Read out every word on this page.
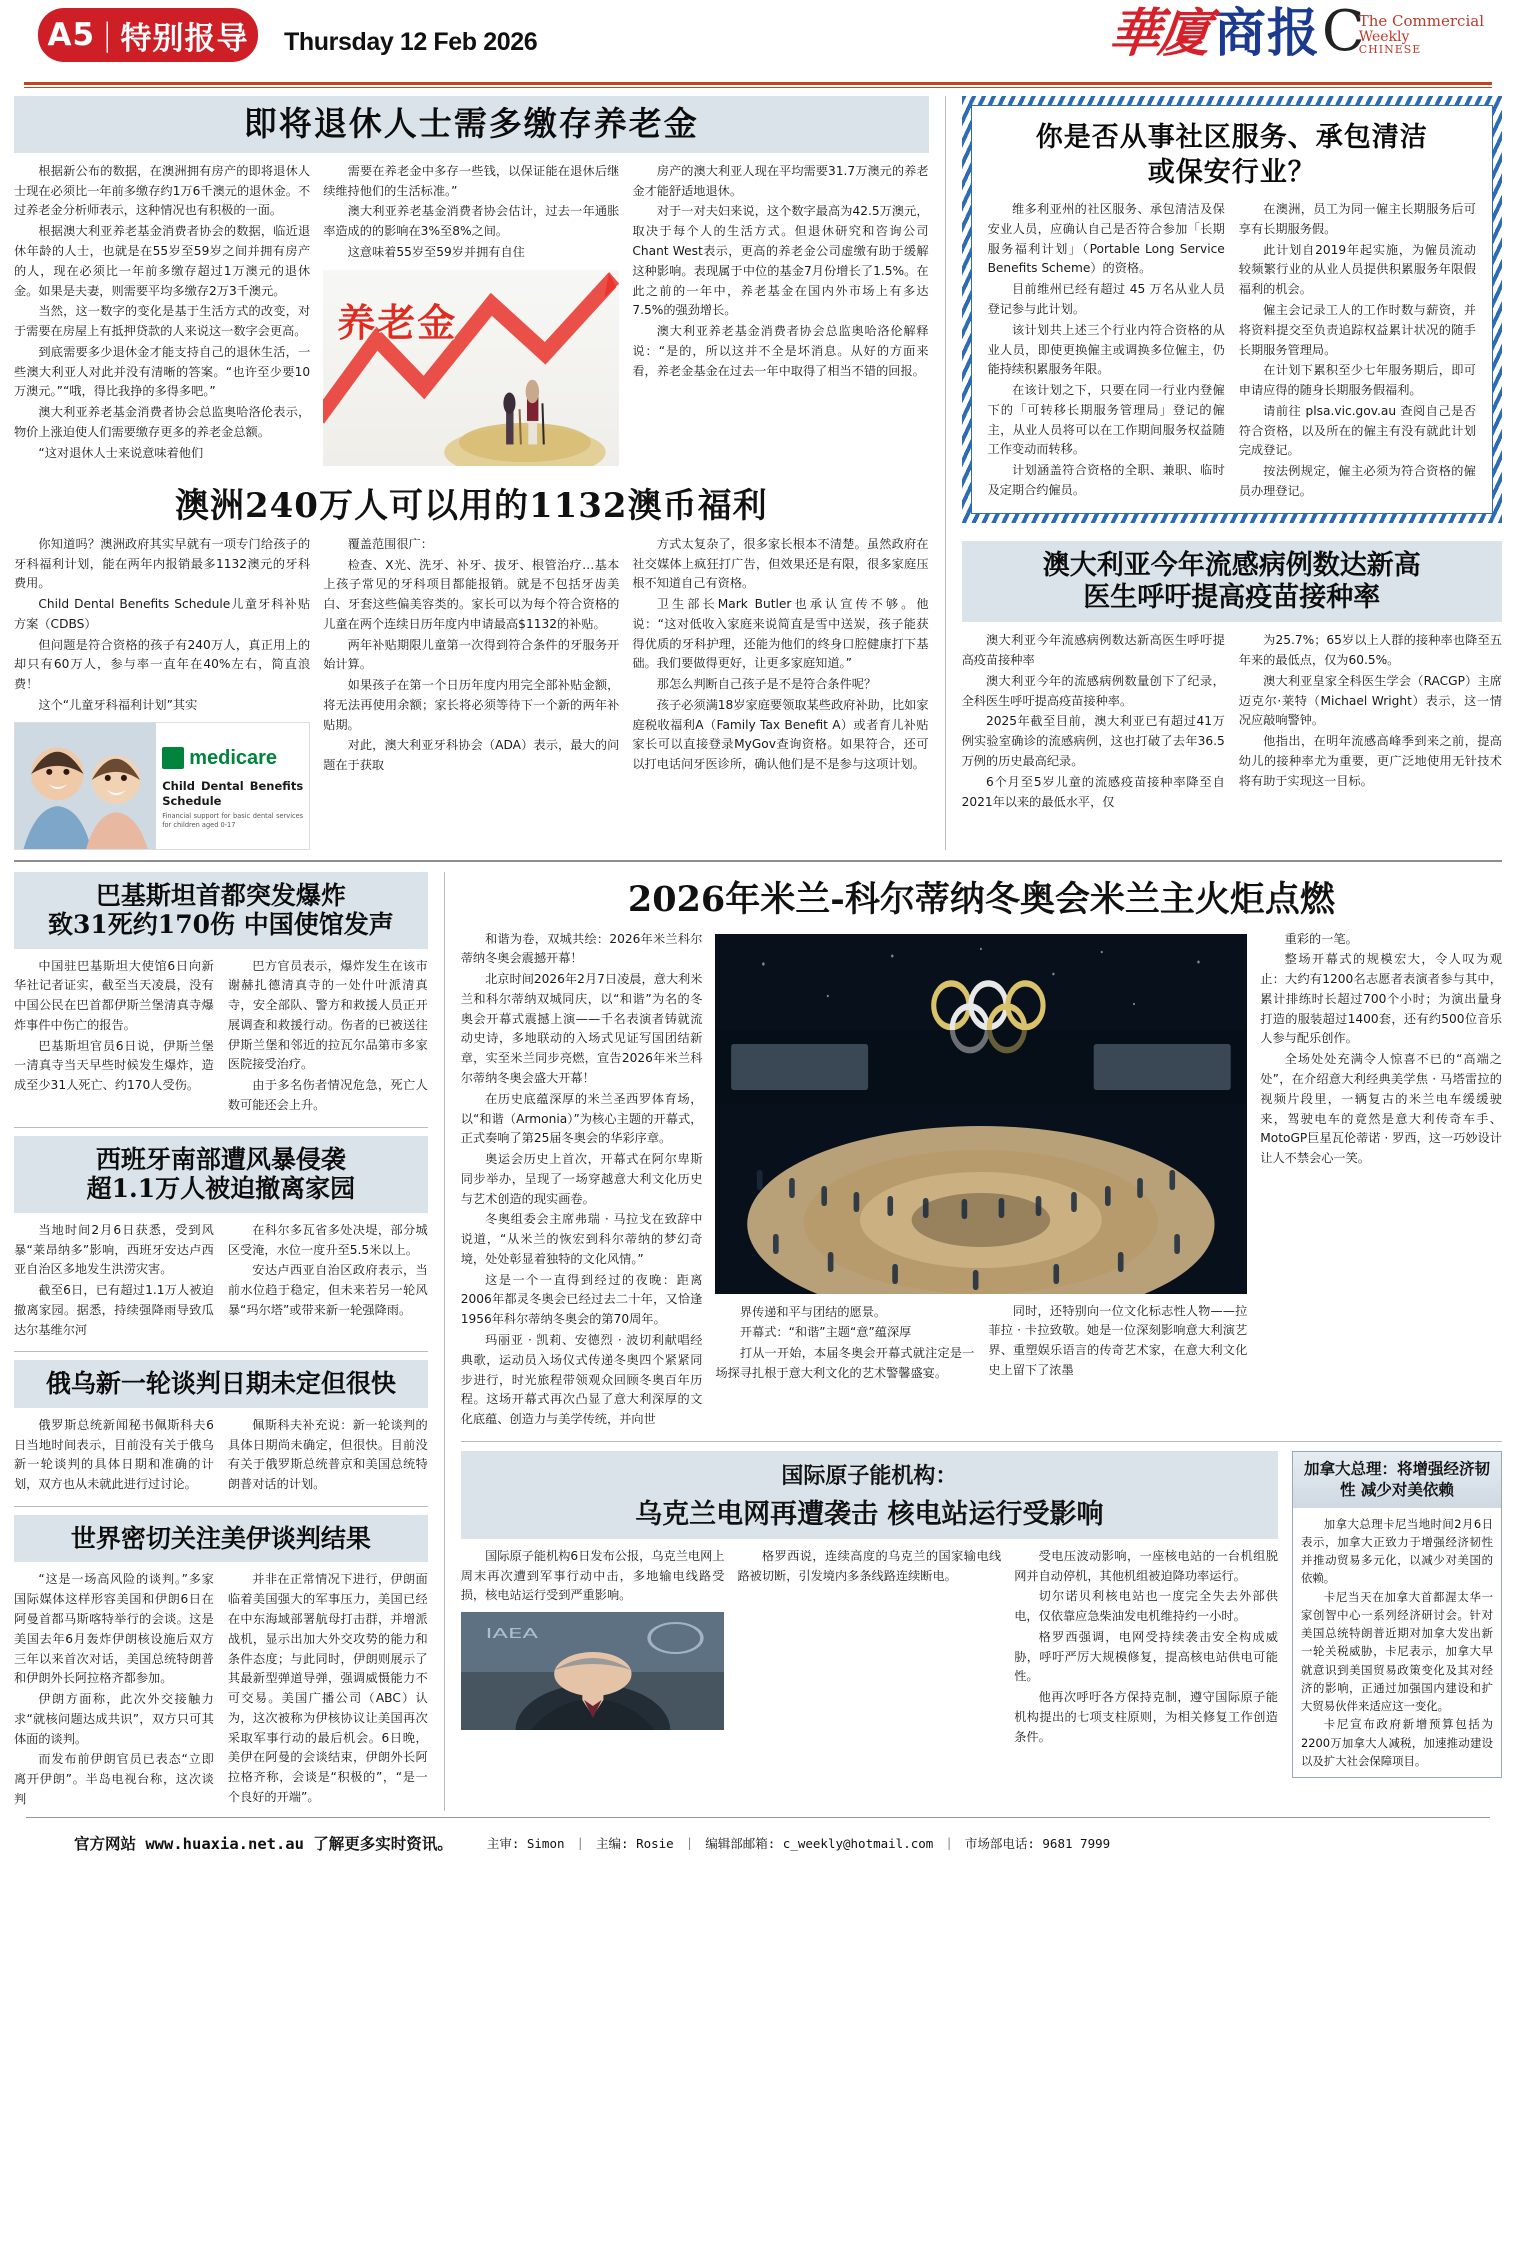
A5 | 特别报导 Thursday 12 Feb 2026	華廈 商报 C
The Commercial
Weekly
CHINESE
即将退休人士需多缴存养老金

根据新公布的数据，在澳洲拥有房产的即将退休人士现在必须比一年前多缴存约1万6千澳元的退休金。不过养老金分析师表示，这种情况也有积极的一面。

根据澳大利亚养老基金消费者协会的数据，临近退休年龄的人士，也就是在55岁至59岁之间并拥有房产的人，现在必须比一年前多缴存超过1万澳元的退休金。如果是夫妻，则需要平均多缴存2万3千澳元。

当然，这一数字的变化是基于生活方式的改变，对于需要在房屋上有抵押贷款的人来说这一数字会更高。

到底需要多少退休金才能支持自己的退休生活，一些澳大利亚人对此并没有清晰的答案。“也许至少要10万澳元。”“哦，得比我挣的多得多吧。”

澳大利亚养老基金消费者协会总监奥哈洛伦表示，物价上涨迫使人们需要缴存更多的养老金总额。

“这对退休人士来说意味着他们

需要在养老金中多存一些钱，以保证能在退休后继续维持他们的生活标准。”

澳大利亚养老基金消费者协会估计，过去一年通胀率造成的的影响在3%至8%之间。

这意味着55岁至59岁并拥有自住

养老金

房产的澳大利亚人现在平均需要31.7万澳元的养老金才能舒适地退休。

对于一对夫妇来说，这个数字最高为42.5万澳元，取决于每个人的生活方式。但退休研究和咨询公司Chant West表示，更高的养老金公司虚缴有助于缓解这种影响。表现属于中位的基金7月份增长了1.5%。在此之前的一年中，养老基金在国内外市场上有多达7.5%的强劲增长。

澳大利亚养老基金消费者协会总监奥哈洛伦解释说：“是的，所以这并不全是坏消息。从好的方面来看，养老金基金在过去一年中取得了相当不错的回报。

澳洲240万人可以用的1132澳币福利

你知道吗？澳洲政府其实早就有一项专门给孩子的牙科福利计划，能在两年内报销最多1132澳元的牙科费用。

Child Dental Benefits Schedule儿童牙科补贴方案（CDBS）

但问题是符合资格的孩子有240万人，真正用上的却只有60万人，参与率一直年在40%左右，简直浪费！

这个“儿童牙科福利计划”其实

medicare
Child Dental Benefits Schedule
Financial support for basic dental services for children aged 0-17

覆盖范围很广：

检查、X光、洗牙、补牙、拔牙、根管治疗…基本上孩子常见的牙科项目都能报销。就是不包括牙齿美白、牙套这些偏美容类的。家长可以为每个符合资格的儿童在两个连续日历年度内申请最高$1132的补贴。

两年补贴期限儿童第一次得到符合条件的牙服务开始计算。

如果孩子在第一个日历年度内用完全部补贴金额，将无法再使用余额；家长将必须等待下一个新的两年补贴期。

对此，澳大利亚牙科协会（ADA）表示，最大的问题在于获取

方式太复杂了，很多家长根本不清楚。虽然政府在社交媒体上疯狂打广告，但效果还是有限，很多家庭压根不知道自己有资格。

卫生部长Mark Butler也承认宣传不够。他说：“这对低收入家庭来说简直是雪中送炭，孩子能获得优质的牙科护理，还能为他们的终身口腔健康打下基础。我们要做得更好，让更多家庭知道。”

那怎么判断自己孩子是不是符合条件呢？

孩子必须满18岁家庭要领取某些政府补助，比如家庭税收福利A（Family Tax Benefit A）或者育儿补贴家长可以直接登录MyGov查询资格。如果符合，还可以打电话问牙医诊所，确认他们是不是参与这项计划。

你是否从事社区服务、承包清洁
或保安行业？

维多利亚州的社区服务、承包清洁及保安业人员，应确认自己是否符合参加「长期服务福利计划」（Portable Long Service Benefits Scheme）的资格。

目前维州已经有超过 45 万名从业人员登记参与此计划。

该计划共上述三个行业内符合资格的从业人员，即使更换僱主或调换多位僱主，仍能持续积累服务年限。

在该计划之下，只要在同一行业内登僱下的「可转移长期服务管理局」登记的僱主，从业人员将可以在工作期间服务权益随工作变动而转移。

计划涵盖符合资格的全职、兼职、临时及定期合约僱员。

在澳洲，员工为同一僱主长期服务后可享有长期服务假。

此计划自2019年起实施，为僱员流动较频繁行业的从业人员提供积累服务年限假福利的机会。

僱主会记录工人的工作时数与薪资，并将资料提交至负责追踪权益累计状况的随手长期服务管理局。

在计划下累积至少七年服务期后，即可申请应得的随身长期服务假福利。

请前往 plsa.vic.gov.au 查阅自己是否符合资格，以及所在的僱主有没有就此计划完成登记。

按法例规定，僱主必须为符合资格的僱员办理登记。

澳大利亚今年流感病例数达新高
医生呼吁提高疫苗接种率

澳大利亚今年流感病例数达新高医生呼吁提高疫苗接种率

澳大利亚今年的流感病例数量创下了纪录，全科医生呼吁提高疫苗接种率。

2025年截至目前，澳大利亚已有超过41万例实验室确诊的流感病例，这也打破了去年36.5万例的历史最高纪录。

6个月至5岁儿童的流感疫苗接种率降至自2021年以来的最低水平，仅

为25.7%；65岁以上人群的接种率也降至五年来的最低点，仅为60.5%。

澳大利亚皇家全科医生学会（RACGP）主席迈克尔·莱特（Michael Wright）表示，这一情况应敲响警钟。

他指出，在明年流感高峰季到来之前，提高幼儿的接种率尤为重要，更广泛地使用无针技术将有助于实现这一目标。

巴基斯坦首都突发爆炸
致31死约170伤 中国使馆发声

中国驻巴基斯坦大使馆6日向新华社记者证实，截至当天凌晨，没有中国公民在巴首都伊斯兰堡清真寺爆炸事件中伤亡的报告。

巴基斯坦官员6日说，伊斯兰堡一清真寺当天早些时候发生爆炸，造成至少31人死亡、约170人受伤。

巴方官员表示，爆炸发生在该市谢赫扎德清真寺的一处什叶派清真寺，安全部队、警方和救援人员正开展调查和救援行动。伤者的已被送往伊斯兰堡和邻近的拉瓦尔品第市多家医院接受治疗。

由于多名伤者情况危急，死亡人数可能还会上升。

西班牙南部遭风暴侵袭
超1.1万人被迫撤离家园

当地时间2月6日获悉，受到风暴“莱昂纳多”影响，西班牙安达卢西亚自治区多地发生洪涝灾害。

截至6日，已有超过1.1万人被迫撤离家园。据悉，持续强降雨导致瓜达尔基维尔河

在科尔多瓦省多处决堤，部分城区受淹，水位一度升至5.5米以上。

安达卢西亚自治区政府表示，当前水位趋于稳定，但未来若另一轮风暴“玛尔塔”或带来新一轮强降雨。

俄乌新一轮谈判日期未定但很快

俄罗斯总统新闻秘书佩斯科夫6日当地时间表示，目前没有关于俄乌新一轮谈判的具体日期和准确的计划，双方也从未就此进行过讨论。

佩斯科夫补充说：新一轮谈判的具体日期尚未确定，但很快。目前没有关于俄罗斯总统普京和美国总统特朗普对话的计划。

世界密切关注美伊谈判结果

“这是一场高风险的谈判。”多家国际媒体这样形容美国和伊朗6日在阿曼首都马斯喀特举行的会谈。这是美国去年6月轰炸伊朗核设施后双方三年以来首次对话，美国总统特朗普和伊朗外长阿拉格齐都参加。

伊朗方面称，此次外交接触力求“就核问题达成共识”，双方只可其体面的谈判。

而发布前伊朗官员已表态“立即离开伊朗”。半岛电视台称，这次谈判

并非在正常情况下进行，伊朗面临着美国强大的军事压力，美国已经在中东海域部署航母打击群，并增派战机，显示出加大外交攻势的能力和条件态度；与此同时，伊朗则展示了其最新型弹道导弹，强调威慑能力不可交易。美国广播公司（ABC）认为，这次被称为伊核协议让美国再次采取军事行动的最后机会。6日晚，美伊在阿曼的会谈结束，伊朗外长阿拉格齐称，会谈是“积极的”，“是一个良好的开端”。

2026年米兰-科尔蒂纳冬奥会米兰主火炬点燃

和谐为卷，双城共绘：2026年米兰科尔蒂纳冬奥会震撼开幕！

北京时间2026年2月7日凌晨，意大利米兰和科尔蒂纳双城同庆，以“和谐”为名的冬奥会开幕式震撼上演——千名表演者铸就流动史诗，多地联动的入场式见证写国团结新章，实至米兰同步亮燃，宣告2026年米兰科尔蒂纳冬奥会盛大开幕！

在历史底蕴深厚的米兰圣西罗体育场，以“和谐（Armonia）”为核心主题的开幕式，正式奏响了第25届冬奥会的华彩序章。

奥运会历史上首次，开幕式在阿尔卑斯同步举办，呈现了一场穿越意大利文化历史与艺术创造的现实画卷。

冬奥组委会主席弗瑞 · 马拉戈在致辞中说道，“从米兰的恢宏到科尔蒂纳的梦幻奇境，处处彰显着独特的文化风情。”

这是一个一直得到经过的夜晚：距离2006年都灵冬奥会已经过去二十年，又恰逢1956年科尔蒂纳冬奥会的第70周年。

玛丽亚 · 凯莉、安德烈 · 波切利献唱经典歌，运动员入场仪式传递冬奥四个紧紧同步进行，时光旅程带领观众回顾冬奥百年历程。这场开幕式再次凸显了意大利深厚的文化底蕴、创造力与美学传统，并向世

界传递和平与团结的愿景。

开幕式：“和谐”主题“意”蕴深厚

打从一开始，本届冬奥会开幕式就注定是一场探寻扎根于意大利文化的艺术警馨盛宴。

同时，还特别向一位文化标志性人物——拉菲拉 · 卡拉致敬。她是一位深刻影响意大利演艺界、重塑娱乐语言的传奇艺术家，在意大利文化史上留下了浓墨

重彩的一笔。

整场开幕式的规模宏大，令人叹为观止：大约有1200名志愿者表演者参与其中，累计排练时长超过700个小时；为演出量身打造的服装超过1400套，还有约500位音乐人参与配乐创作。

全场处处充满令人惊喜不已的“高端之处”，在介绍意大利经典美学焦 · 马塔雷拉的视频片段里，一辆复古的米兰电车缓缓驶来，驾驶电车的竟然是意大利传奇车手、MotoGP巨星瓦伦蒂诺 · 罗西，这一巧妙设计让人不禁会心一笑。

国际原子能机构：
乌克兰电网再遭袭击 核电站运行受影响

国际原子能机构6日发布公报，乌克兰电网上周末再次遭到军事行动中击，多地输电线路受损，核电站运行受到严重影响。

IAEA

格罗西说，连续高度的乌克兰的国家输电线路被切断，引发境内多条线路连续断电。

受电压波动影响，一座核电站的一台机组脱网并自动停机，其他机组被迫降功率运行。

切尔诺贝利核电站也一度完全失去外部供电，仅依靠应急柴油发电机维持约一小时。

格罗西强调，电网受持续袭击安全构成威胁，呼吁严厉大规模修复，提高核电站供电可能性。

他再次呼吁各方保持克制，遵守国际原子能机构提出的七项支柱原则，为相关修复工作创造条件。

加拿大总理：将增强经济韧性 减少对美依赖

加拿大总理卡尼当地时间2月6日表示，加拿大正致力于增强经济韧性并推动贸易多元化，以减少对美国的依赖。

卡尼当天在加拿大首都渥太华一家创智中心一系列经济研讨会。针对美国总统特朗普近期对加拿大发出新一轮关税威胁，卡尼表示，加拿大早就意识到美国贸易政策变化及其对经济的影响，正通过加强国内建设和扩大贸易伙伴来适应这一变化。

卡尼宣布政府新增预算包括为2200万加拿大人减税，加速推动建设以及扩大社会保障项目。

官方网站 www.huaxia.net.au 了解更多实时资讯。	主审: Simon | 主编: Rosie | 编辑部邮箱: c_weekly@hotmail.com | 市场部电话: 9681 7999
